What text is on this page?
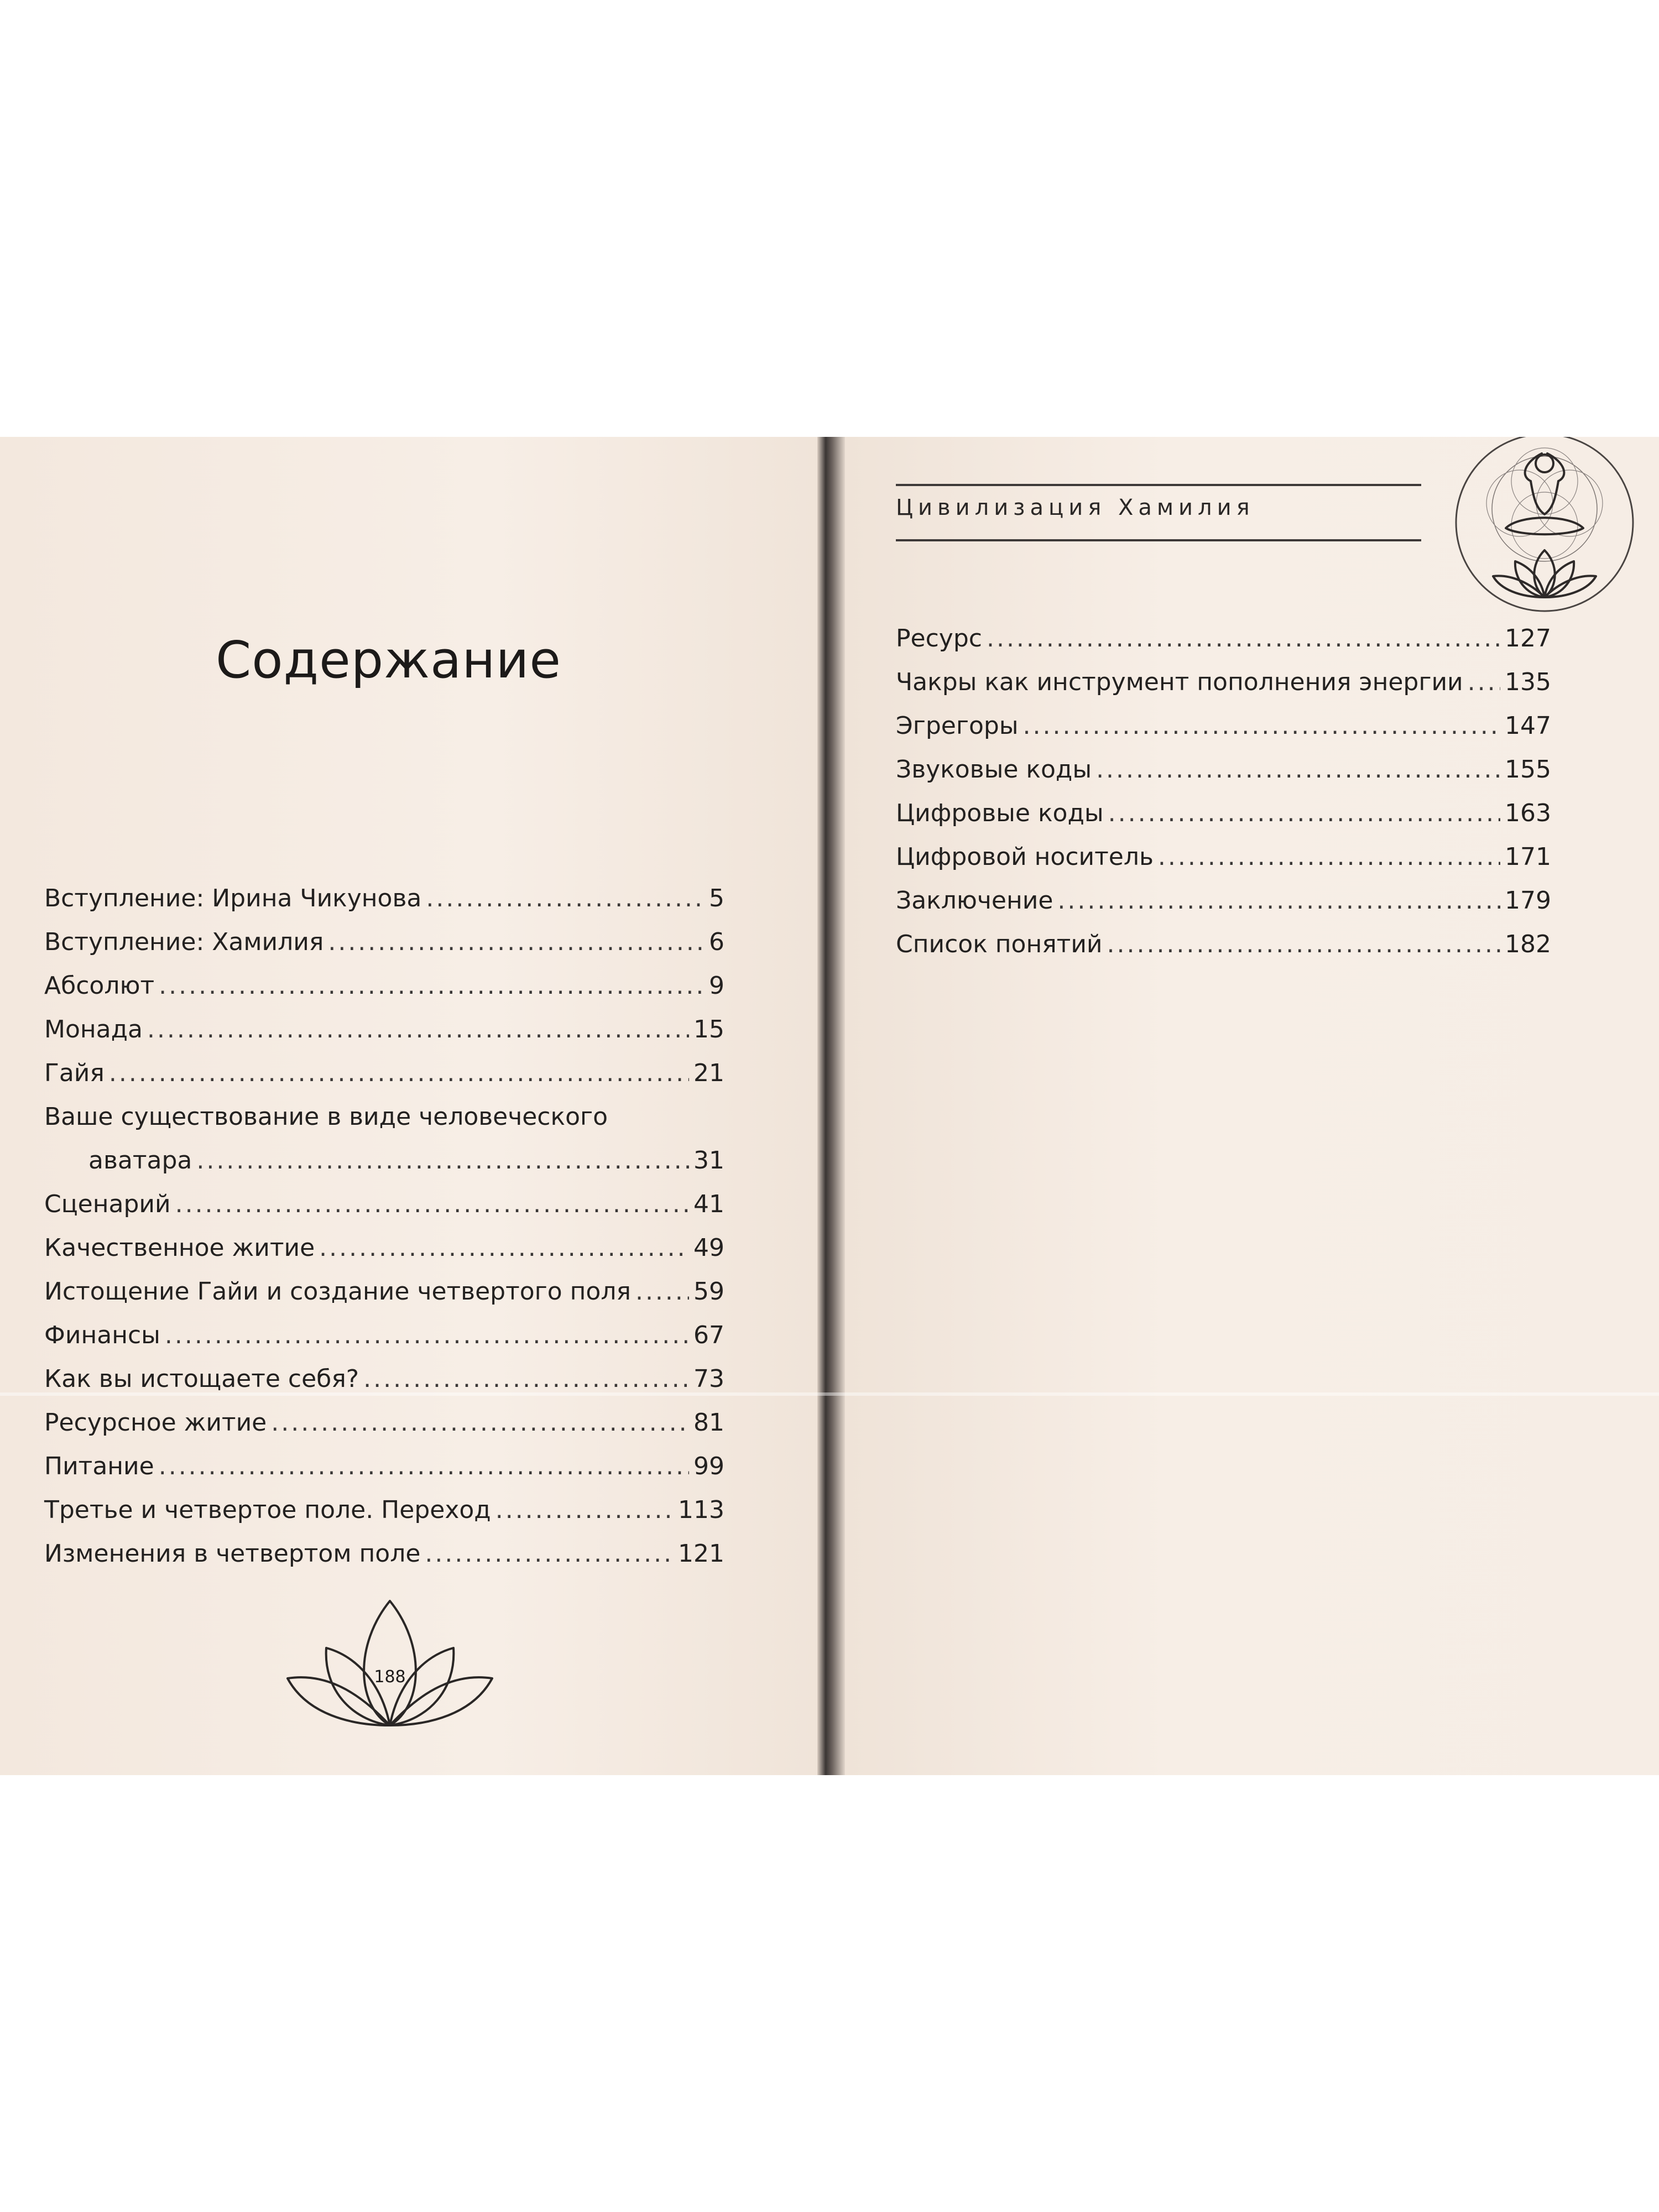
Содержание
Вступление: Ирина Чикунова .....	5
Вступление: Хамилия .....	6
Абсолют .....	9
Монада .....	15
Гайя .....	21
Ваше существование в виде человеческого
аватара .....	31
Сценарий .....	41
Качественное житие .....	49
Истощение Гайи и создание четвертого поля .....	59
Финансы .....	67
Как вы истощаете себя? .....	73
Ресурсное житие .....	81
Питание .....	99
Третье и четвертое поле. Переход .....	113
Изменения в четвертом поле .....	121
188
Цивилизация Хамилия
Ресурс .....	127
Чакры как инструмент пополнения энергии ..... 135
Эгрегоры .....	147
Звуковые коды .....	155
Цифровые коды .....	163
Цифровой носитель .....	171
Заключение .....	179
Список понятий .....	182
